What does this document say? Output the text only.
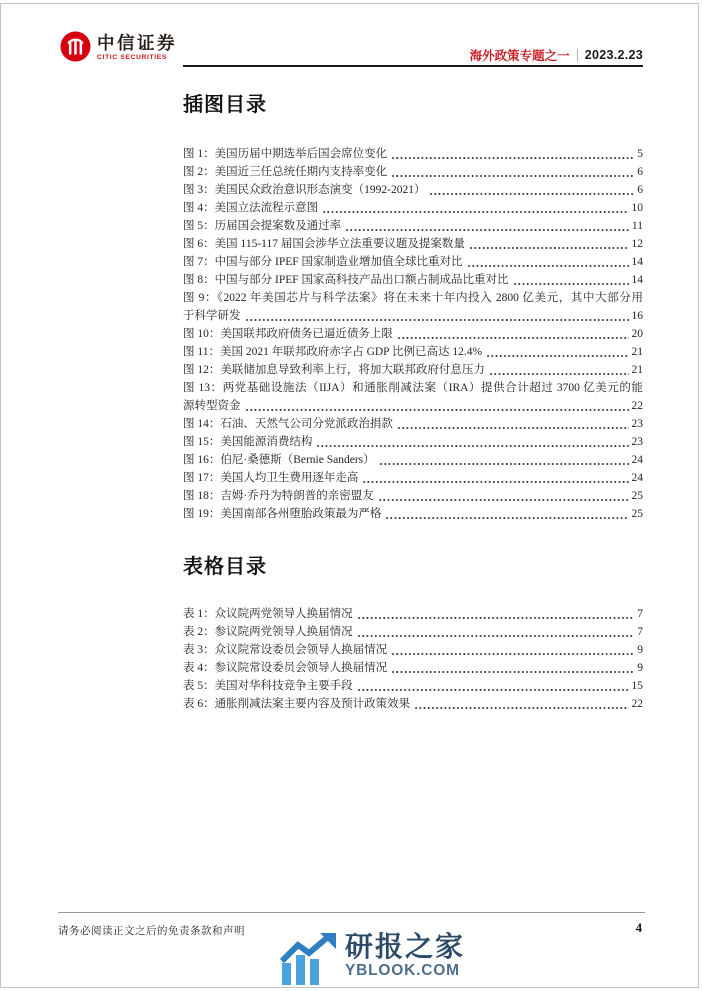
中信证券
CITIC SECURITIES	海外政策专题之一 2023.2.23
插图目录
图 1：美国历届中期选举后国会席位变化	5
图 2：美国近三任总统任期内支持率变化	6
图 3：美国民众政治意识形态演变（1992-2021）	6
图 4：美国立法流程示意图	10
图 5：历届国会提案数及通过率	11
图 6：美国 115-117 届国会涉华立法重要议题及提案数量	12
图 7：中国与部分 IPEF 国家制造业增加值全球比重对比	14
图 8：中国与部分 IPEF 国家高科技产品出口额占制成品比重对比	14
图 9：《2022 年美国芯片与科学法案》将在未来十年内投入 2800 亿美元，其中大部分用
于科学研发	16
图 10：美国联邦政府债务已逼近债务上限	20
图 11：美国 2021 年联邦政府赤字占 GDP 比例已高达 12.4%	21
图 12：美联储加息导致利率上行，将加大联邦政府付息压力	21
图 13：两党基础设施法（IIJA）和通胀削减法案（IRA）提供合计超过 3700 亿美元的能
源转型资金	22
图 14：石油、天然气公司分党派政治捐款	23
图 15：美国能源消费结构	23
图 16：伯尼·桑德斯（Bernie Sanders）	24
图 17：美国人均卫生费用逐年走高	24
图 18：吉姆·乔丹为特朗普的亲密盟友	25
图 19：美国南部各州堕胎政策最为严格	25
表格目录
表 1：众议院两党领导人换届情况	7
表 2：参议院两党领导人换届情况	7
表 3：众议院常设委员会领导人换届情况	9
表 4：参议院常设委员会领导人换届情况	9
表 5：美国对华科技竞争主要手段	15
表 6：通胀削减法案主要内容及预计政策效果	22
请务必阅读正文之后的免责条款和声明	4
研报之家
YBLOOK.COM
